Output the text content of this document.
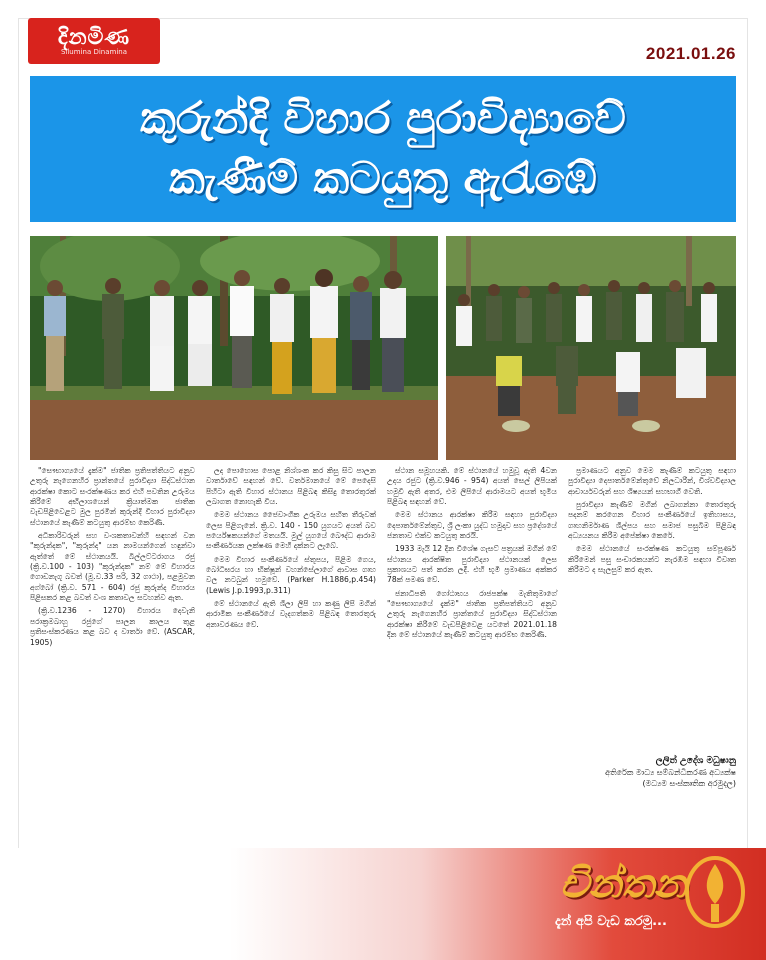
දිනමිණ
Silumina Dinamina	2021.01.26
කුරුන්දි විහාර පුරාවිද්‍යාවේ
කැණීම් කටයුතු ඇරැඹේ

"සෞභාග්‍යයේ දැක්ම" ජාතික ප්‍රතිපත්තියට අනුව උතුරු නැගෙනහිර ප්‍රාන්තයේ පුරාවිද්‍යා සිද්ධස්ථාන ආරක්ෂා කොට සංරක්ෂණය කර එහි පවතින උරුමය කිරීමේ අභිලාශයෙන් ක්‍රියාත්මක ජාතික වැඩපිළිවෙළට මුල පුරමින් කුරුන්දි විහාර පුරාවිද්‍යා ස්ථානයේ කැණීම් කටයුතු ආරම්භ කෙරිණි.

අධිකාරිවරුන් සහ වංශකතාවන්හි සඳහන් වන "කුරුන්දක", "කුරුන්ද" යන නාමයන්ගෙන් හඳුන්වා ඇත්තේ මේ ස්ථානයයි. බිල්ලට්ටරාගය රජු (ක්‍රි.ව.100 - 103) "කුරුන්දක" නම් මේ විහාරය ගොඩනැගූ බවත් (මූ.ව.33 පරි, 32 ගාථා), පළමුවන අග්බෝ (ක්‍රි.ව. 571 - 604) රජු කුරුන්ද විහාරය පිළිසකර කළ බවත් වංශ කතාවල සටහන්ව ඇත.

(ක්‍රි.ව.1236 - 1270) විහාරය දෙවැනි පරාක්‍රමබාහු රජුගේ පාලන කාලය තුළ ප්‍රතිසංස්කරණය කළ බව ද වාර්තා වේ. (ASCAR, 1905)

ලද පොහොස පොළ නිශ්ශංක කර කිසු සිට පාලන වාර්තාවේ සඳහන් වේ. වර්තමානයේ මේ පෙදෙසි පිහිටා ඇති විහාර ස්ථානය පිළිබඳ කිසිදු තොරතුරක් ලබාගත නොහැකි විය.

මෙම ස්ථානය ජෛවාංගික උරුමය සහිත තීරුවක් ලෙස පිළිගැනේ. ක්‍රි.ව. 140 - 150 යුගයට අයත් බව පර්යේෂකයන්ගේ මතයයි. මුල් යුගයේ බෞද්ධ ආරාම සංකීර්ණයක ලක්ෂණ මෙහි දක්නට ලැබේ.

මෙම විහාර සංකීර්ණයේ ස්තූපය, පිළිම ගෙය, බෝධිඝරය හා භික්ෂූන් වහන්සේලාගේ ආවාස ගෘහ වල නටබුන් හමුවේ. (Parker H.1886,p.454) (Lewis J.p.1993,p.311)

මේ ස්ථානයේ ඇති ශිලා ලිපි හා කණු ලිපි මගින් ආරාමික සංකීර්ණයේ වැදගත්කම පිළිබඳ තොරතුරු අනාවරණය වේ.

ස්ථාන සමූහයකි. මේ ස්ථානයේ හමුවූ ඇති 4වන උදය රජුට (ක්‍රි.ව.946 - 954) අයත් සෙල් ලිපියක් හමුවී ඇති අතර, එම ලිපියේ ආරාමයට අයත් භූමිය පිළිබඳ සඳහන් වේ.

මෙම ස්ථානය ආරක්ෂා කිරීම සඳහා පුරාවිද්‍යා දෙපාර්තමේන්තුව, ශ්‍රී ලංකා යුද්ධ හමුදාව සහ ප්‍රදේශයේ ජනතාව එක්ව කටයුතු කරයි.

1933 මැයි 12 දින විශේෂ ගැසට් පත්‍රයක් මගින් මේ ස්ථානය ආරක්ෂිත පුරාවිද්‍යා ස්ථානයක් ලෙස ප්‍රකාශයට පත් කරන ලදී. එහි භූමි ප්‍රමාණය අක්කර 78ක් පමණ වේ.

ජනාධිපති ගෝඨාභය රාජපක්ෂ මැතිතුමාගේ "සෞභාග්‍යයේ දැක්ම" ජාතික ප්‍රතිපත්තියට අනුව උතුරු නැගෙනහිර ප්‍රාන්තයේ පුරාවිද්‍යා සිද්ධස්ථාන ආරක්ෂා කිරීමේ වැඩපිළිවෙළ යටතේ 2021.01.18 දින මේ ස්ථානයේ කැණීම් කටයුතු ආරම්භ කෙරිණි.

ප්‍රමාණයට අනුව මෙම කැණීම් කටයුතු සඳහා පුරාවිද්‍යා දෙපාර්තමේන්තුවේ නිලධාරීන්, විශ්වවිද්‍යාල ආචාර්යවරුන් සහ ශිෂ්‍යයන් සහභාගී වෙති.

පුරාවිද්‍යා කැණීම් මගින් ලබාගන්නා තොරතුරු පදනම් කරගෙන විහාර සංකීර්ණයේ ඉතිහාසය, ගෘහනිර්මාණ ශිල්පය සහ සමාජ පසුබිම පිළිබඳ අධ්‍යයනය කිරීම අපේක්ෂා කෙරේ.

මෙම ස්ථානයේ සංරක්ෂණ කටයුතු සම්පූර්ණ කිරීමෙන් පසු සංචාරකයන්ට නැරඹීම සඳහා විවෘත කිරීමට ද සැලසුම් කර ඇත.

ලලිත් උදේශ මධුෂානු
අතිරේක මාධ්‍ය සම්බන්ධීකරණ අධ්‍යක්ෂ
(මධ්‍යම සංස්කෘතික අරමුදල)
චින්තන
දැන් අපි වැඩ කරමු...
